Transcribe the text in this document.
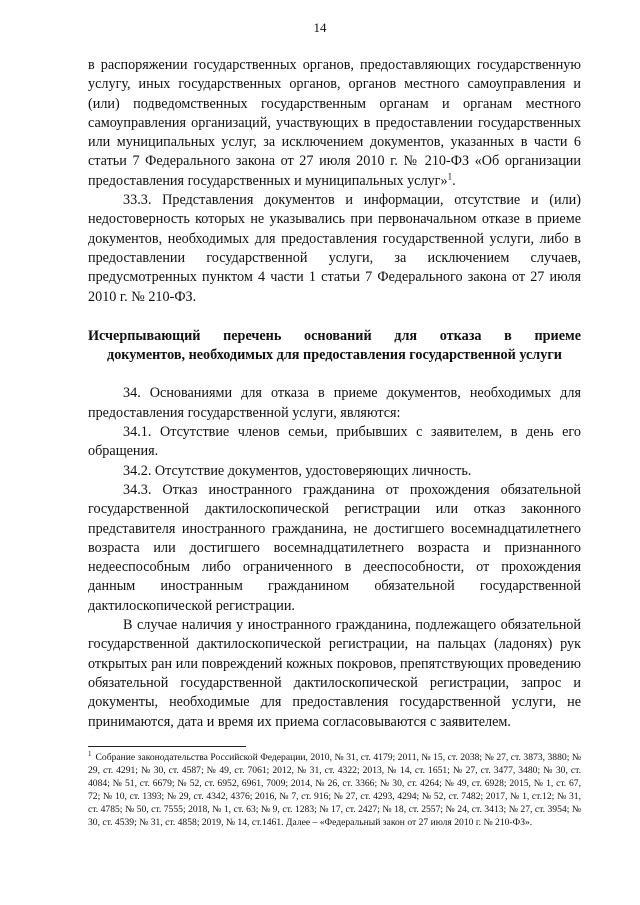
14

в распоряжении государственных органов, предоставляющих государственную услугу, иных государственных органов, органов местного самоуправления и (или) подведомственных государственным органам и органам местного самоуправления организаций, участвующих в предоставлении государственных или муниципальных услуг, за исключением документов, указанных в части 6 статьи 7 Федерального закона от 27 июля 2010 г. № 210-ФЗ «Об организации предоставления государственных и муниципальных услуг»$^1$.

33.3. Представления документов и информации, отсутствие и (или) недостоверность которых не указывались при первоначальном отказе в приеме документов, необходимых для предоставления государственной услуги, либо в предоставлении государственной услуги, за исключением случаев, предусмотренных пунктом 4 части 1 статьи 7 Федерального закона от 27 июля 2010 г. № 210-ФЗ.

Исчерпывающий перечень оснований для отказа в приеме
документов, необходимых для предоставления государственной услуги

34. Основаниями для отказа в приеме документов, необходимых для предоставления государственной услуги, являются:

34.1. Отсутствие членов семьи, прибывших с заявителем, в день его обращения.

34.2. Отсутствие документов, удостоверяющих личность.

34.3. Отказ иностранного гражданина от прохождения обязательной государственной дактилоскопической регистрации или отказ законного представителя иностранного гражданина, не достигшего восемнадцатилетнего возраста или достигшего восемнадцатилетнего возраста и признанного недееспособным либо ограниченного в дееспособности, от прохождения данным иностранным гражданином обязательной государственной дактилоскопической регистрации.

В случае наличия у иностранного гражданина, подлежащего обязательной государственной дактилоскопической регистрации, на пальцах (ладонях) рук открытых ран или повреждений кожных покровов, препятствующих проведению обязательной государственной дактилоскопической регистрации, запрос и документы, необходимые для предоставления государственной услуги, не принимаются, дата и время их приема согласовываются с заявителем.

$^1$ Собрание законодательства Российской Федерации, 2010, № 31, ст. 4179; 2011, № 15, ст. 2038; № 27, ст. 3873, 3880; № 29, ст. 4291; № 30, ст. 4587; № 49, ст. 7061; 2012, № 31, ст. 4322; 2013, № 14, ст. 1651; № 27, ст. 3477, 3480; № 30, ст. 4084; № 51, ст. 6679; № 52, ст. 6952, 6961, 7009; 2014, № 26, ст. 3366; № 30, ст. 4264; № 49, ст. 6928; 2015, № 1, ст. 67, 72; № 10, ст. 1393; № 29, ст. 4342, 4376; 2016, № 7, ст. 916; № 27, ст. 4293, 4294; № 52, ст. 7482; 2017, № 1, ст.12; № 31, ст. 4785; № 50, ст. 7555; 2018, № 1, ст. 63; № 9, ст. 1283; № 17, ст. 2427; № 18, ст. 2557; № 24, ст. 3413; № 27, ст. 3954; № 30, ст. 4539; № 31, ст. 4858; 2019, № 14, ст.1461. Далее – «Федеральный закон от 27 июля 2010 г. № 210-ФЗ».
